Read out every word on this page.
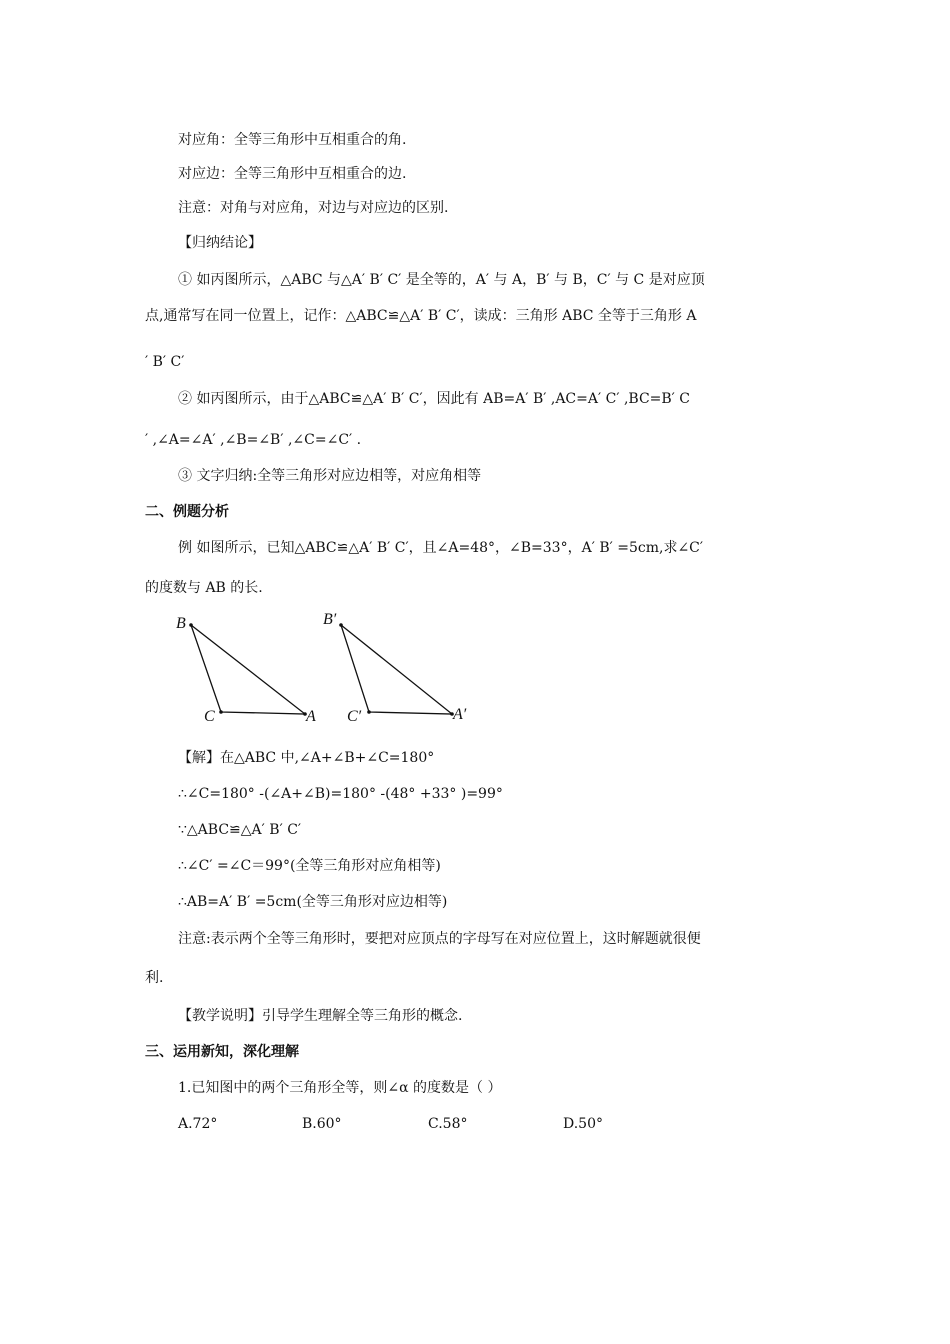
对应角：全等三角形中互相重合的角.
对应边：全等三角形中互相重合的边.
注意：对角与对应角，对边与对应边的区别.
【归纳结论】
① 如丙图所示，△ABC 与△A′ B′ C′ 是全等的，A′ 与 A，B′ 与 B，C′ 与 C 是对应顶
点,通常写在同一位置上，记作：△ABC≌△A′ B′ C′，读成：三角形 ABC 全等于三角形 A
′ B′ C′
② 如丙图所示，由于△ABC≌△A′ B′ C′，因此有 AB=A′ B′ ,AC=A′ C′ ,BC=B′ C
′ ,∠A=∠A′ ,∠B=∠B′ ,∠C=∠C′ .
③ 文字归纳:全等三角形对应边相等，对应角相等
二、例题分析
例 如图所示，已知△ABC≌△A′ B′ C′，且∠A=48°，∠B=33°，A′ B′ =5cm,求∠C′
的度数与 AB 的长.
B
C	A
B′
C′	A′
【解】在△ABC 中,∠A+∠B+∠C=180°
∴∠C=180° -(∠A+∠B)=180° -(48° +33° )=99°
∵△ABC≌△A′ B′ C′
∴∠C′ =∠C＝99°(全等三角形对应角相等)
∴AB=A′ B′ =5cm(全等三角形对应边相等)
注意:表示两个全等三角形时，要把对应顶点的字母写在对应位置上，这时解题就很便
利.
【教学说明】引导学生理解全等三角形的概念.
三、运用新知，深化理解
1.已知图中的两个三角形全等，则∠α 的度数是（ ）
A.72°	B.60°	C.58°	D.50°
